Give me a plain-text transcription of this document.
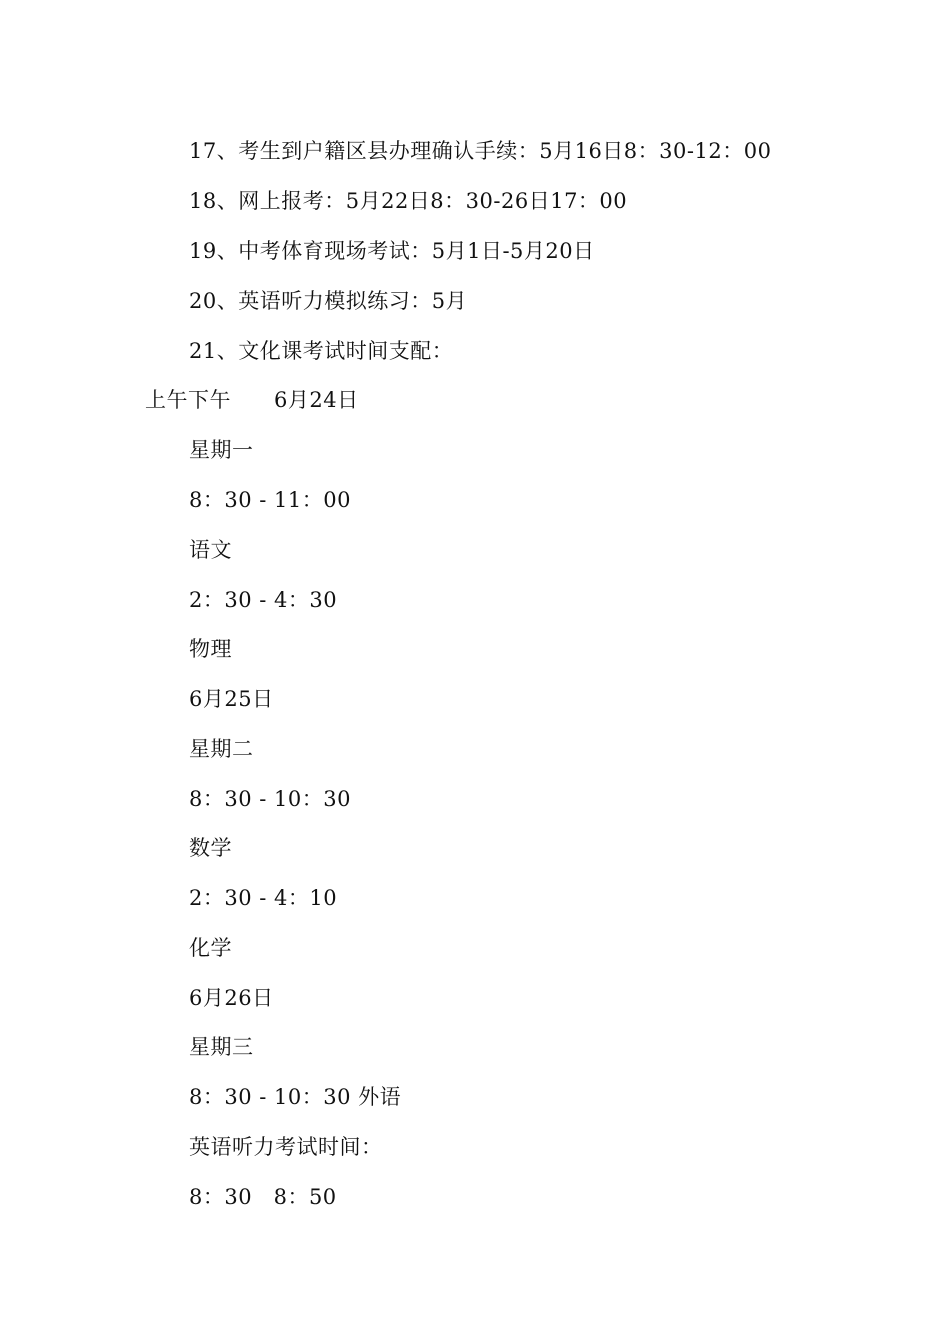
17、考生到户籍区县办理确认手续：5月16日8：30-12：00
18、网上报考：5月22日8：30-26日17：00
19、中考体育现场考试：5月1日-5月20日
20、英语听力模拟练习：5月
21、文化课考试时间支配：
上午下午　　6月24日
星期一
8：30 - 11：00
语文
2：30 - 4：30
物理
6月25日
星期二
8：30 - 10：30
数学
2：30 - 4：10
化学
6月26日
星期三
8：30 - 10：30 外语
英语听力考试时间：
8：30　8：50
